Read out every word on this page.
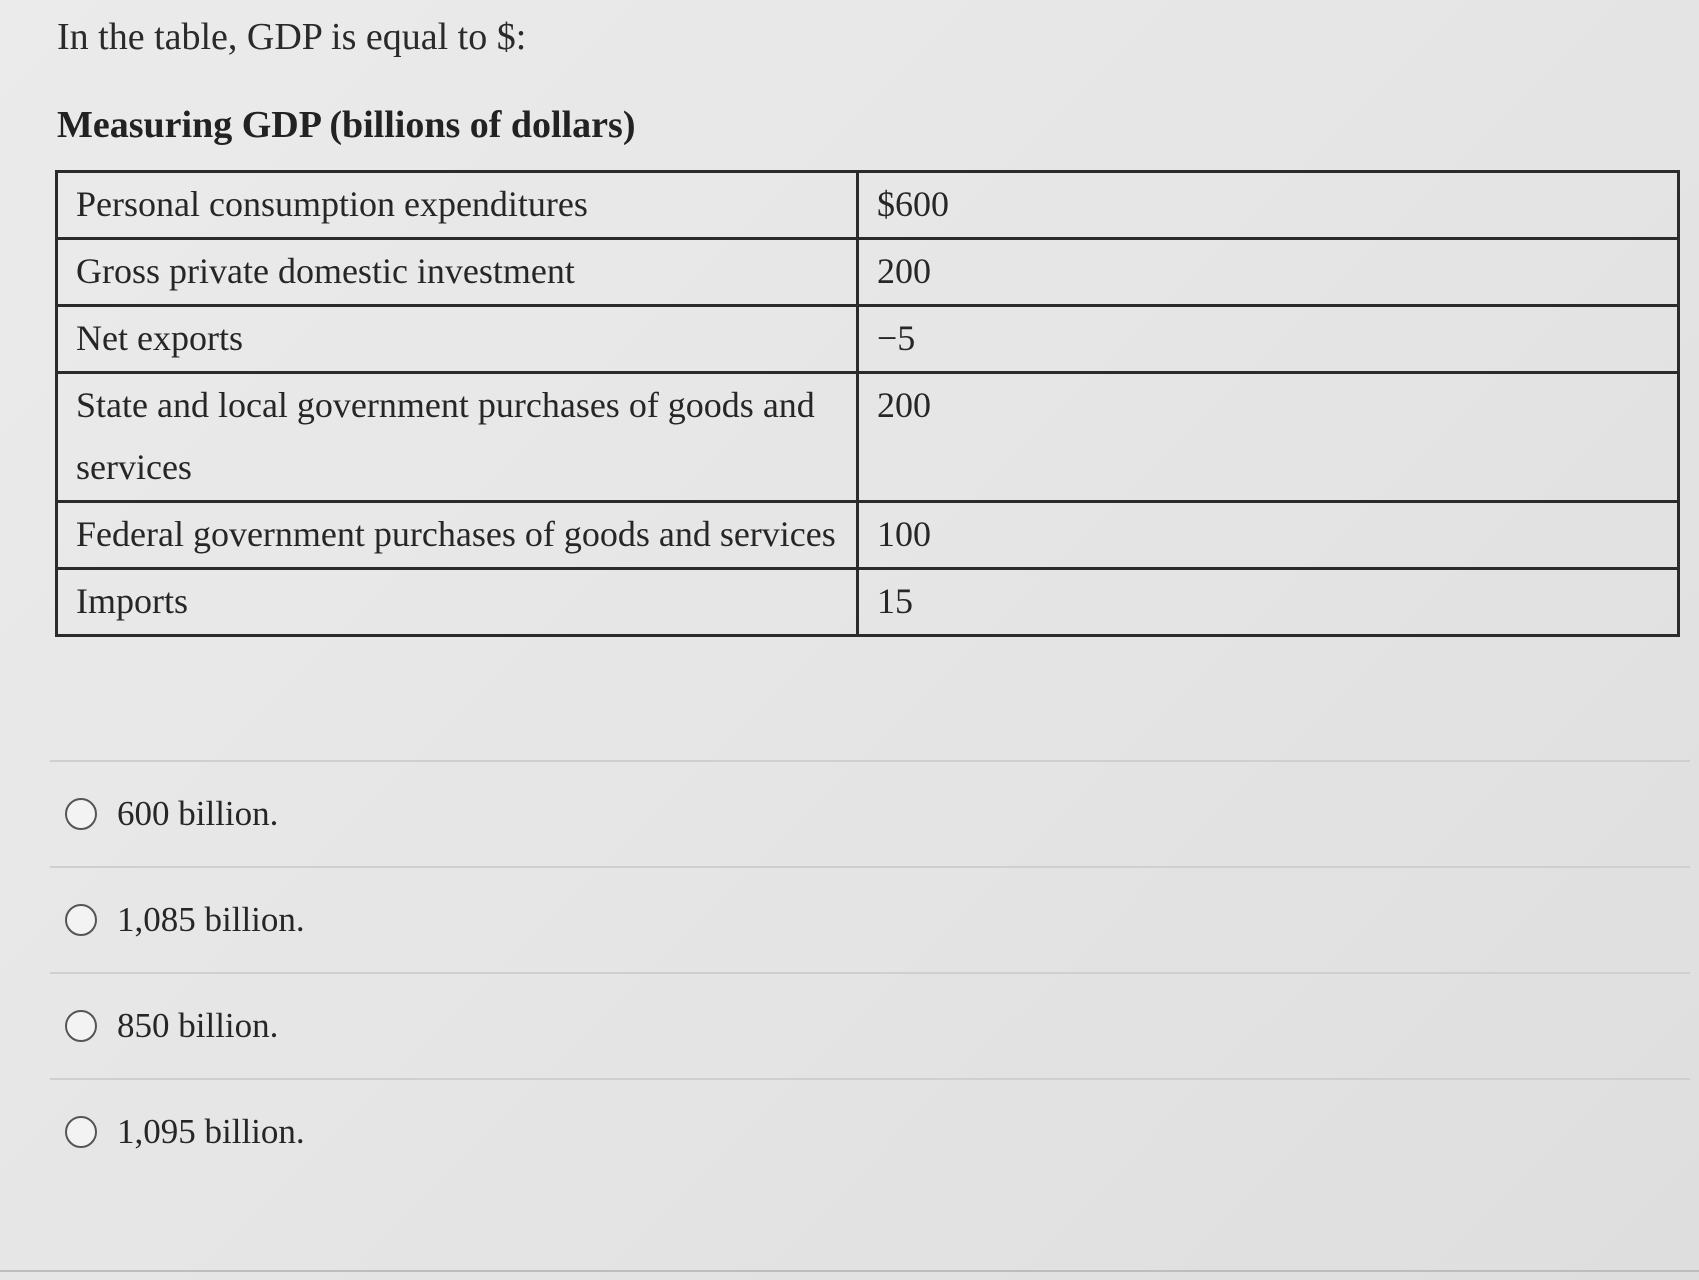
In the table, GDP is equal to $:
Measuring GDP (billions of dollars)
Personal consumption expenditures	$600
Gross private domestic investment	200
Net exports	−5
State and local government purchases of goods and services	200
Federal government purchases of goods and services	100
Imports	15
600 billion.
1,085 billion.
850 billion.
1,095 billion.
